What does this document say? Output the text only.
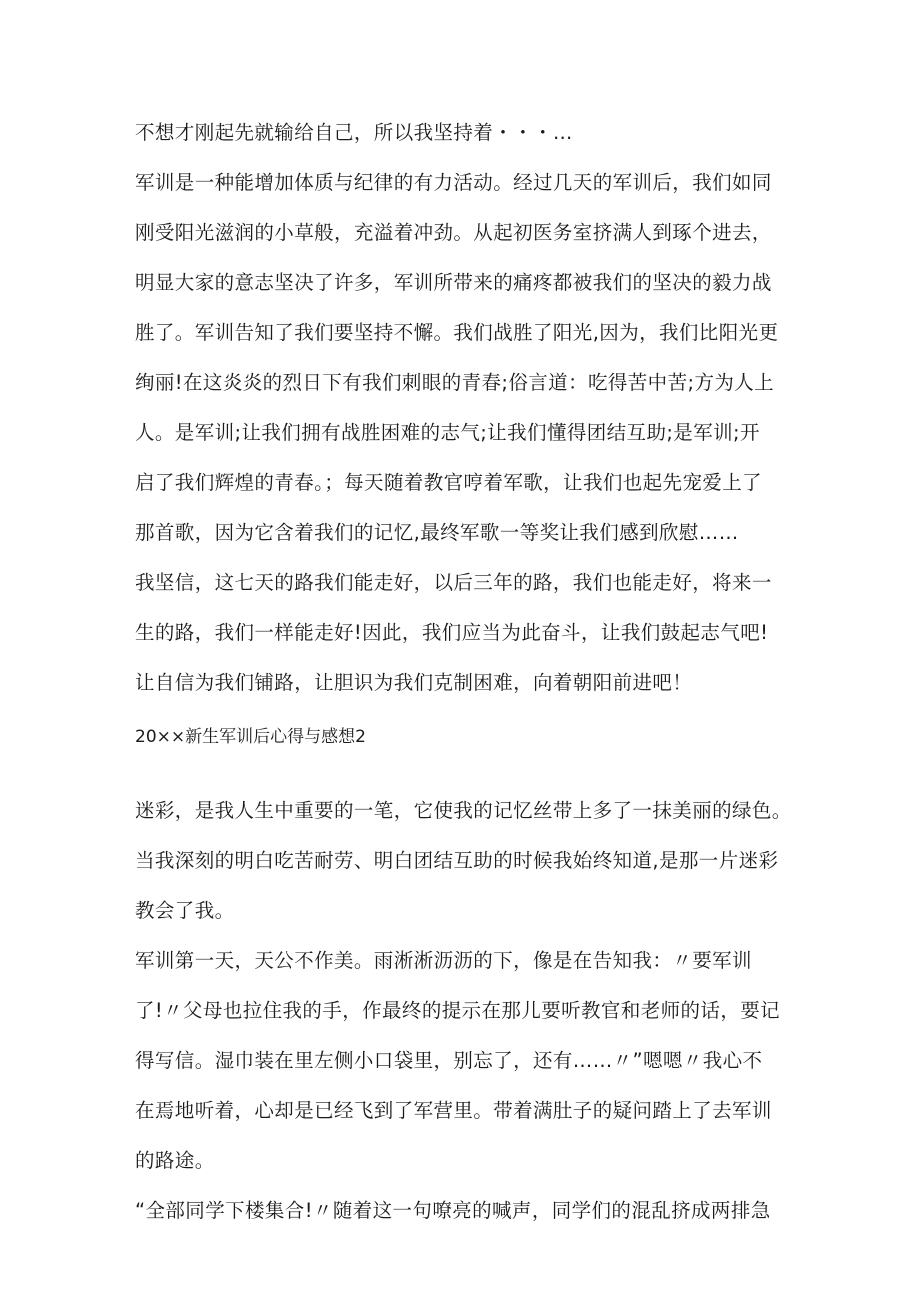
不想才刚起先就输给自己，所以我坚持着・・・…
军训是一种能增加体质与纪律的有力活动。经过几天的军训后，我们如同
刚受阳光滋润的小草般，充溢着冲劲。从起初医务室挤满人到琢个进去，
明显大家的意志坚决了许多，军训所带来的痛疼都被我们的坚决的毅力战
胜了。军训告知了我们要坚持不懈。我们战胜了阳光,因为，我们比阳光更
绚丽!在这炎炎的烈日下有我们刺眼的青春;俗言道：吃得苦中苦;方为人上
人。是军训;让我们拥有战胜困难的志气;让我们懂得团结互助;是军训;开
启了我们辉煌的青春。；每天随着教官哼着军歌，让我们也起先宠爱上了
那首歌，因为它含着我们的记忆,最终军歌一等奖让我们感到欣慰……
我坚信，这七天的路我们能走好，以后三年的路，我们也能走好，将来一
生的路，我们一样能走好!因此，我们应当为此奋斗，让我们鼓起志气吧!
让自信为我们铺路，让胆识为我们克制困难，向着朝阳前进吧！
20××新生军训后心得与感想2
迷彩，是我人生中重要的一笔，它使我的记忆丝带上多了一抹美丽的绿色。
当我深刻的明白吃苦耐劳、明白团结互助的时候我始终知道,是那一片迷彩
教会了我。
军训第一天，天公不作美。雨淅淅沥沥的下，像是在告知我：〃要军训
了!〃父母也拉住我的手，作最终的提示在那儿要听教官和老师的话，要记
得写信。湿巾装在里左侧小口袋里，别忘了，还有……〃”嗯嗯〃我心不
在焉地听着，心却是已经飞到了军营里。带着满肚子的疑问踏上了去军训
的路途。
“全部同学下楼集合!〃随着这一句嘹亮的喊声，同学们的混乱挤成两排急
